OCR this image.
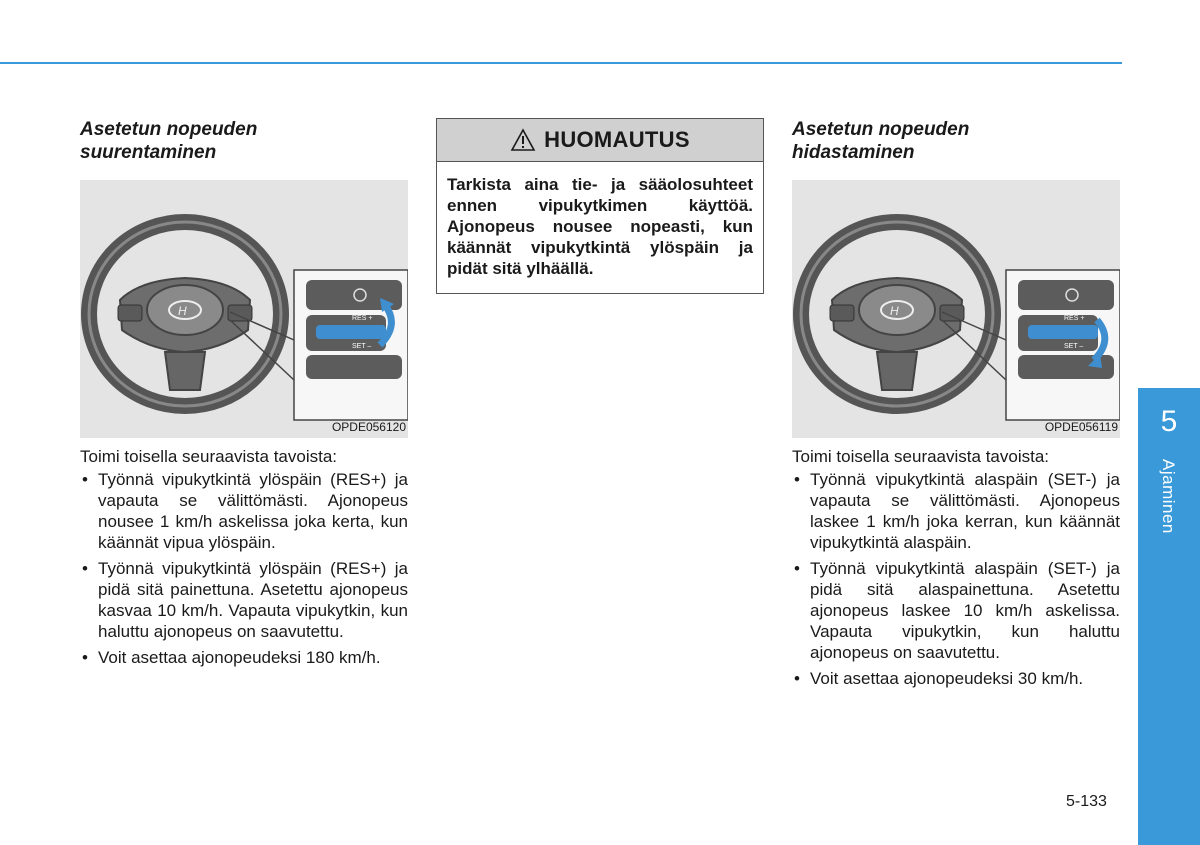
Asetetun nopeuden
suurentaminen
H
RES +
SET –
OPDE056120

Toimi toisella seuraavista tavoista:

• Työnnä vipukytkintä ylöspäin (RES+) ja vapauta se välittömästi. Ajonopeus nousee 1 km/h askelissa joka kerta, kun käännät vipua ylöspäin.
• Työnnä vipukytkintä ylöspäin (RES+) ja pidä sitä painettuna. Asetettu ajonopeus kasvaa 10 km/h. Vapauta vipukytkin, kun haluttu ajonopeus on saavutettu.
• Voit asettaa ajonopeudeksi 180 km/h.
HUOMAUTUS
Tarkista aina tie- ja sääolosuhteet ennen vipukytkimen käyttöä. Ajonopeus nousee nopeasti, kun käännät vipukytkintä ylöspäin ja pidät sitä ylhäällä.
Asetetun nopeuden
hidastaminen
H
RES +
SET –
OPDE056119

Toimi toisella seuraavista tavoista:

• Työnnä vipukytkintä alaspäin (SET-) ja vapauta se välittömästi. Ajonopeus laskee 1 km/h joka kerran, kun käännät vipukytkintä alaspäin.
• Työnnä vipukytkintä alaspäin (SET-) ja pidä sitä alaspainettuna. Asetettu ajonopeus laskee 10 km/h askelissa. Vapauta vipukytkin, kun haluttu ajonopeus on saavutettu.
• Voit asettaa ajonopeudeksi 30 km/h.
5
Ajaminen
5-133
